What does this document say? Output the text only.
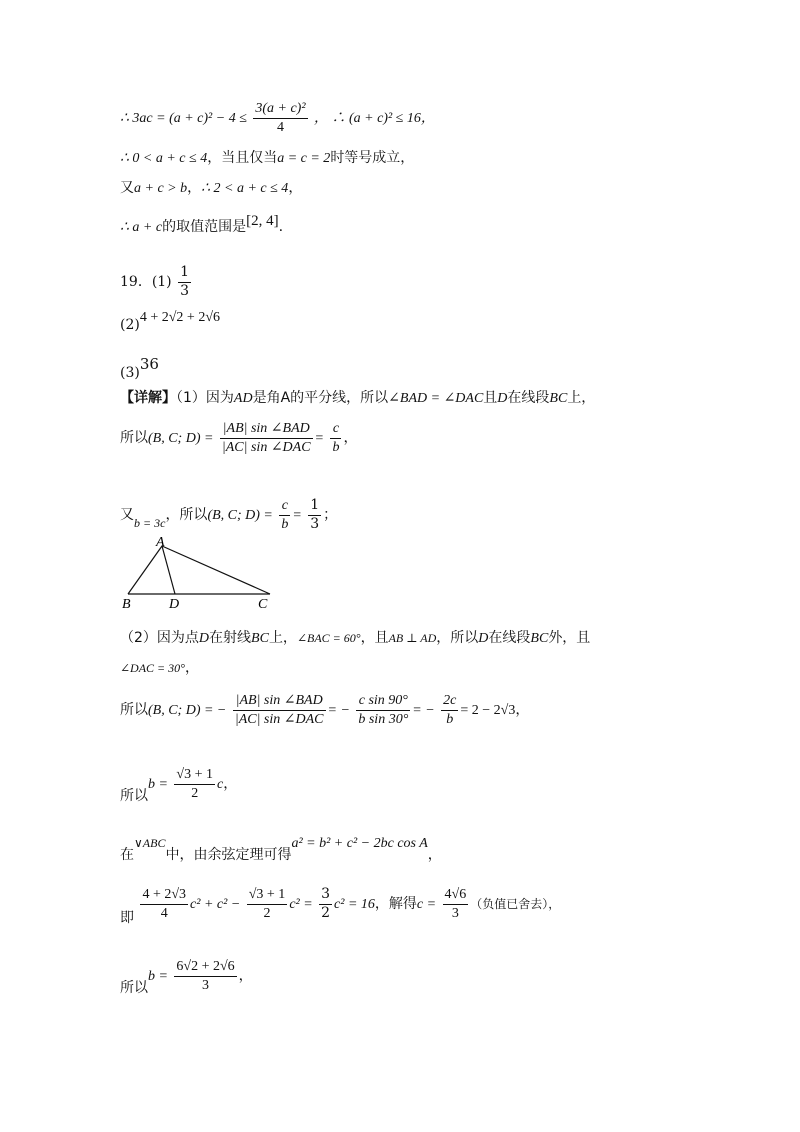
∴ $3ac = (a + c)^2 - 4 \le \frac{\text{3(a + c)²}}{4}$ ， ∴ (a + c)² ≤ 16，
∴ 0 < a + c ≤ 4，当且仅当a = c = 2时等号成立，
又a + c > b，∴ 2 < a + c ≤ 4，
∴ a + c的取值范围是[2, 4].
19．$(1) \frac{1}{3}$
(2)4 + 2√2 + 2√6
(3)36
【详解】（1）因为AD是角A的平分线，所以∠BAD = ∠DAC且D在线段BC上，
所以(B, C; $D) = \frac{\text{|AB| sin ∠BAD}}{\text{|AC| sin ∠DAC}} = \frac{c}{b}$ ，
又b = 3c，所以(B, C; $D) = \frac{c}{b} = \frac{1}{3}$ ；
A
B	D	C
（2）因为点D在射线BC上，∠BAC = 60°，且AB ⊥ AD，所以D在线段BC外，且
∠DAC = 30°，
所以(B, C; D) = − $\frac{\text{|AB| sin ∠BAD}}{\text{|AC| sin ∠DAC}}$ = − $\frac{\text{c sin 90°}}{\text{b sin 30°}}$ = − $\frac{2c}{b} = 2 - 2√3$，
所以$b = \frac{√3 + 1}{2}$ c，
在∨ABC中，由余弦定理可得a² = b² + c² − 2bc cos A，
即 $\frac{4 + 2√3}{4} c^2 + c^2 - \frac{√3 + 1}{2} c^2 = \frac{3}{2} c^2 = 16$，解得$c = \frac{4√6}{3}$ （负值已舍去），
所以$b = \frac{6√2 + 2√6}{3}$ ，
